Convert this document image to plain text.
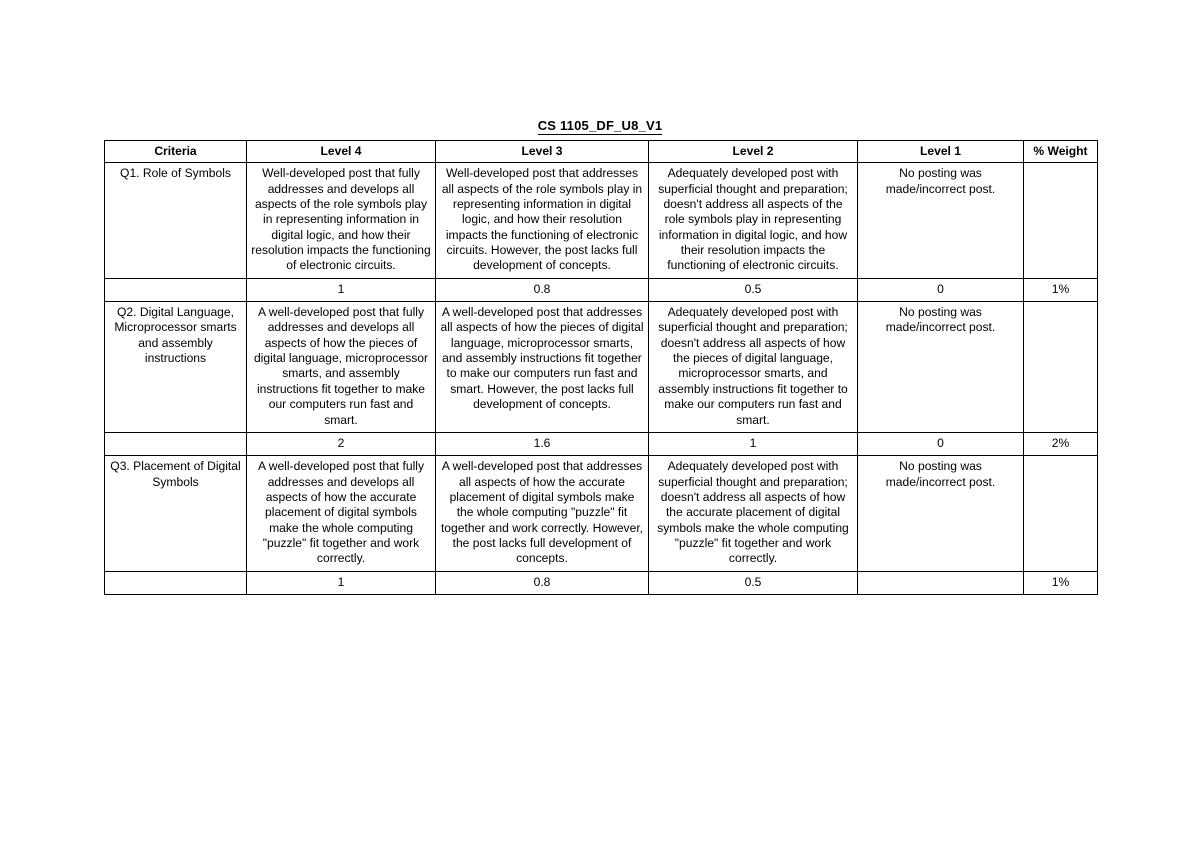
CS 1105_DF_U8_V1
Criteria	Level 4	Level 3	Level 2	Level 1	% Weight
Q1. Role of Symbols	Well-developed post that fully addresses and develops all aspects of the role symbols play in representing information in digital logic, and how their resolution impacts the functioning of electronic circuits.	Well-developed post that addresses all aspects of the role symbols play in representing information in digital logic, and how their resolution impacts the functioning of electronic circuits. However, the post lacks full development of concepts.	Adequately developed post with superficial thought and preparation; doesn't address all aspects of the role symbols play in representing information in digital logic, and how their resolution impacts the functioning of electronic circuits.	No posting was made/incorrect post.	
	1	0.8	0.5	0	1%
Q2. Digital Language, Microprocessor smarts and assembly instructions	A well-developed post that fully addresses and develops all aspects of how the pieces of digital language, microprocessor smarts, and assembly instructions fit together to make our computers run fast and smart.	A well-developed post that addresses all aspects of how the pieces of digital language, microprocessor smarts, and assembly instructions fit together to make our computers run fast and smart. However, the post lacks full development of concepts.	Adequately developed post with superficial thought and preparation; doesn't address all aspects of how the pieces of digital language, microprocessor smarts, and assembly instructions fit together to make our computers run fast and smart.	No posting was made/incorrect post.	
	2	1.6	1	0	2%
Q3. Placement of Digital Symbols	A well-developed post that fully addresses and develops all aspects of how the accurate placement of digital symbols make the whole computing "puzzle" fit together and work correctly.	A well-developed post that addresses all aspects of how the accurate placement of digital symbols make the whole computing "puzzle" fit together and work correctly. However, the post lacks full development of concepts.	Adequately developed post with superficial thought and preparation; doesn't address all aspects of how the accurate placement of digital symbols make the whole computing "puzzle" fit together and work correctly.	No posting was made/incorrect post.	
	1	0.8	0.5		1%
